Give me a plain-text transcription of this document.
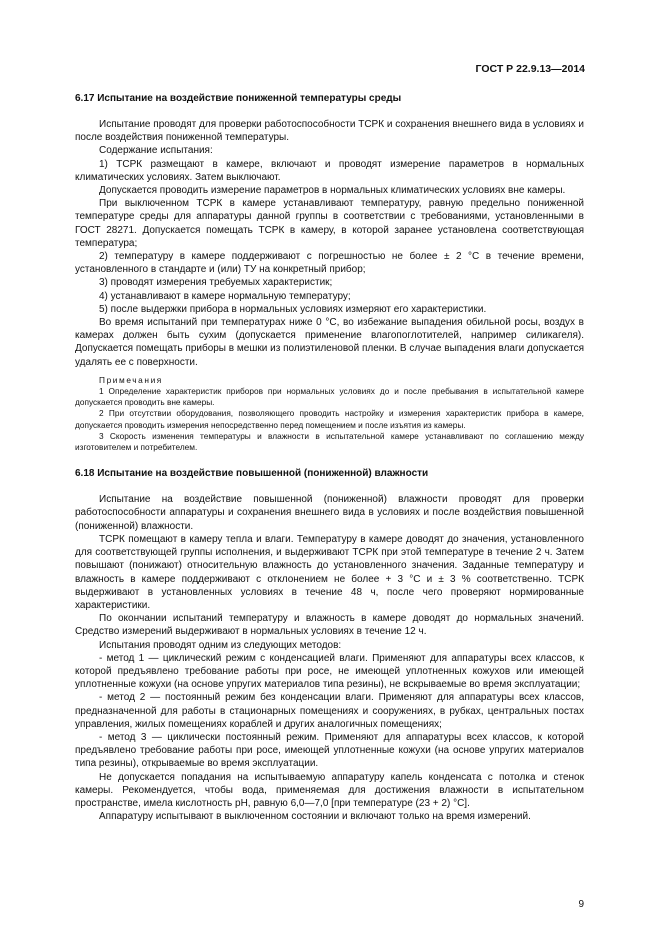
ГОСТ Р 22.9.13—2014
6.17 Испытание на воздействие пониженной температуры среды

Испытание проводят для проверки работоспособности ТСРК и сохранения внешнего вида в условиях и после воздействия пониженной температуры.

Содержание испытания:

1) ТСРК размещают в камере, включают и проводят измерение параметров в нормальных климатических условиях. Затем выключают.

Допускается проводить измерение параметров в нормальных климатических условиях вне камеры.

При выключенном ТСРК в камере устанавливают температуру, равную предельно пониженной температуре среды для аппаратуры данной группы в соответствии с требованиями, установленными в ГОСТ 28271. Допускается помещать ТСРК в камеру, в которой заранее установлена соответствующая температура;

2) температуру в камере поддерживают с погрешностью не более ± 2 °С в течение времени, установленного в стандарте и (или) ТУ на конкретный прибор;

3) проводят измерения требуемых характеристик;

4) устанавливают в камере нормальную температуру;

5) после выдержки прибора в нормальных условиях измеряют его характеристики.

Во время испытаний при температурах ниже 0 °С, во избежание выпадения обильной росы, воздух в камерах должен быть сухим (допускается применение влагопоглотителей, например силикагеля). Допускается помещать приборы в мешки из полиэтиленовой пленки. В случае выпадения влаги допускается удалять ее с поверхности.

Примечания

1 Определение характеристик приборов при нормальных условиях до и после пребывания в испытательной камере допускается проводить вне камеры.

2 При отсутствии оборудования, позволяющего проводить настройку и измерения характеристик прибора в камере, допускается проводить измерения непосредственно перед помещением и после изъятия из камеры.

3 Скорость изменения температуры и влажности в испытательной камере устанавливают по соглашению между изготовителем и потребителем.

6.18 Испытание на воздействие повышенной (пониженной) влажности

Испытание на воздействие повышенной (пониженной) влажности проводят для проверки работоспособности аппаратуры и сохранения внешнего вида в условиях и после воздействия повышенной (пониженной) влажности.

ТСРК помещают в камеру тепла и влаги. Температуру в камере доводят до значения, установленного для соответствующей группы исполнения, и выдерживают ТСРК при этой температуре в течение 2 ч. Затем повышают (понижают) относительную влажность до установленного значения. Заданные температуру и влажность в камере поддерживают с отклонением не более + 3 °С и ± 3 % соответственно. ТСРК выдерживают в установленных условиях в течение 48 ч, после чего проверяют нормированные характеристики.

По окончании испытаний температуру и влажность в камере доводят до нормальных значений. Средство измерений выдерживают в нормальных условиях в течение 12 ч.

Испытания проводят одним из следующих методов:

- метод 1 — циклический режим с конденсацией влаги. Применяют для аппаратуры всех классов, к которой предъявлено требование работы при росе, не имеющей уплотненных кожухов или имеющей уплотненные кожухи (на основе упругих материалов типа резины), не вскрываемые во время эксплуатации;

- метод 2 — постоянный режим без конденсации влаги. Применяют для аппаратуры всех классов, предназначенной для работы в стационарных помещениях и сооружениях, в рубках, центральных постах управления, жилых помещениях кораблей и других аналогичных помещениях;

- метод 3 — циклически постоянный режим. Применяют для аппаратуры всех классов, к которой предъявлено требование работы при росе, имеющей уплотненные кожухи (на основе упругих материалов типа резины), открываемые во время эксплуатации.

Не допускается попадания на испытываемую аппаратуру капель конденсата с потолка и стенок камеры. Рекомендуется, чтобы вода, применяемая для достижения влажности в испытательном пространстве, имела кислотность pH, равную 6,0—7,0 [при температуре (23 + 2) °С].

Аппаратуру испытывают в выключенном состоянии и включают только на время измерений.

9
